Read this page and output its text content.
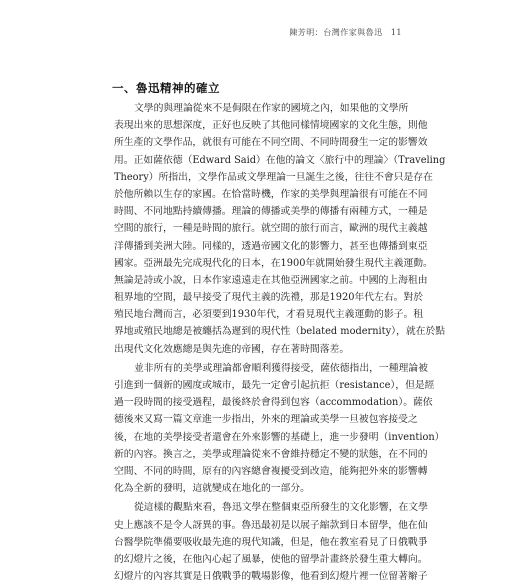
陳芳明：台灣作家與魯迅 11
一、魯迅精神的確立
文學的與理論從來不是侷限在作家的國境之內，如果他的文學所
表現出來的思想深度，正好也反映了其他同樣情境國家的文化生態，則他
所生產的文學作品，就很有可能在不同空間、不同時間發生一定的影響效
用。正如薩依德（Edward Said）在他的論文〈旅行中的理論〉（Traveling
Theory）所指出，文學作品或文學理論一旦誕生之後，往往不會只是存在
於他所賴以生存的家國。在恰當時機，作家的美學與理論很有可能在不同
時間、不同地點持續傳播。理論的傳播或美學的傳播有兩種方式，一種是
空間的旅行，一種是時間的旅行。就空間的旅行而言，歐洲的現代主義越
洋傳播到美洲大陸。同樣的，透過帝國文化的影響力，甚至也傳播到東亞
國家。亞洲最先完成現代化的日本，在1900年就開始發生現代主義運動。
無論是詩或小說，日本作家遠遠走在其他亞洲國家之前。中國的上海租由
租界地的空間，最早接受了現代主義的洗禮，那是1920年代左右。對於
殖民地台灣而言，必須要到1930年代，才看見現代主義運動的影子。租
界地或殖民地總是被纏括為遲到的現代性（belated modernity），就在於點
出現代文化效應總是與先進的帝國，存在著時間落差。
並非所有的美學或理論都會順利獲得接受，薩依德指出，一種理論被
引進到一個新的國度或城市，最先一定會引起抗拒（resistance），但是經
過一段時間的接受過程，最後終於會得到包容（accommodation）。薩依
德後來又寫一篇文章進一步指出，外來的理論或美學一旦被包容接受之
後，在地的美學接受者還會在外來影響的基礎上，進一步發明（invention）
新的內容。換言之，美學或理論從來不會維持穩定不變的狀態，在不同的
空間、不同的時間，原有的內容總會複擾受到改造，能夠把外來的影響轉
化為全新的發明，這就變成在地化的一部分。
從這樣的觀點來看，魯迅文學在整個東亞所發生的文化影響，在文學
史上應該不是令人訝異的事。魯迅最初是以展子縮款到日本留學，他在仙
台醫學院準備要吸收最先進的現代知識，但是，他在教室看見了日俄戰爭
的幻燈片之後，在他內心起了風暴，使他的留學計畫終於發生重大轉向。
幻燈片的內容其實是日俄戰爭的戰場影像，他看到幻燈片裡一位留著辮子
